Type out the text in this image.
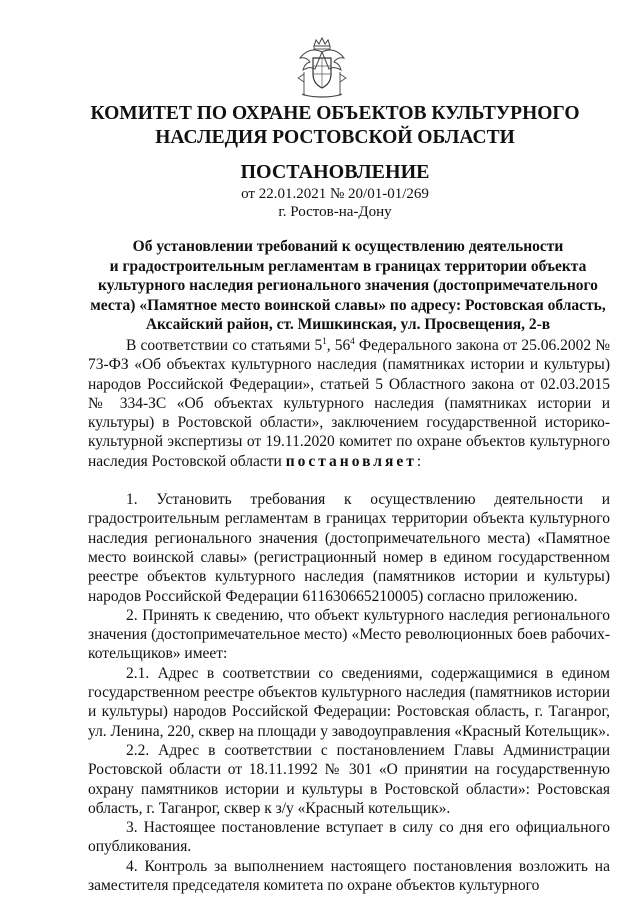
КОМИТЕТ ПО ОХРАНЕ ОБЪЕКТОВ КУЛЬТУРНОГО
НАСЛЕДИЯ РОСТОВСКОЙ ОБЛАСТИ
ПОСТАНОВЛЕНИЕ
от 22.01.2021 № 20/01-01/269
г. Ростов-на-Дону
Об установлении требований к осуществлению деятельности
и градостроительным регламентам в границах территории объекта
культурного наследия регионального значения (достопримечательного
места) «Памятное место воинской славы» по адресу: Ростовская область,
Аксайский район, ст. Мишкинская, ул. Просвещения, 2-в

В соответствии со статьями $5^1$, $56^4$ Федерального закона от 25.06.2002 № 73-ФЗ «Об объектах культурного наследия (памятниках истории и культуры) народов Российской Федерации», статьей 5 Областного закона от 02.03.2015 № 334-ЗС «Об объектах культурного наследия (памятниках истории и культуры) в Ростовской области», заключением государственной историко-культурной экспертизы от 19.11.2020 комитет по охране объектов культурного наследия Ростовской области постановляет:

1. Установить требования к осуществлению деятельности и градостроительным регламентам в границах территории объекта культурного наследия регионального значения (достопримечательного места) «Памятное место воинской славы» (регистрационный номер в едином государственном реестре объектов культурного наследия (памятников истории и культуры) народов Российской Федерации 611630665210005) согласно приложению.

2. Принять к сведению, что объект культурного наследия регионального значения (достопримечательное место) «Место революционных боев рабочих-котельщиков» имеет:

2.1. Адрес в соответствии со сведениями, содержащимися в едином государственном реестре объектов культурного наследия (памятников истории и культуры) народов Российской Федерации: Ростовская область, г. Таганрог, ул. Ленина, 220, сквер на площади у заводоуправления «Красный Котельщик».

2.2. Адрес в соответствии с постановлением Главы Администрации Ростовской области от 18.11.1992 № 301 «О принятии на государственную охрану памятников истории и культуры в Ростовской области»: Ростовская область, г. Таганрог, сквер к з/у «Красный котельщик».

3. Настоящее постановление вступает в силу со дня его официального опубликования.

4. Контроль за выполнением настоящего постановления возложить на заместителя председателя комитета по охране объектов культурного
